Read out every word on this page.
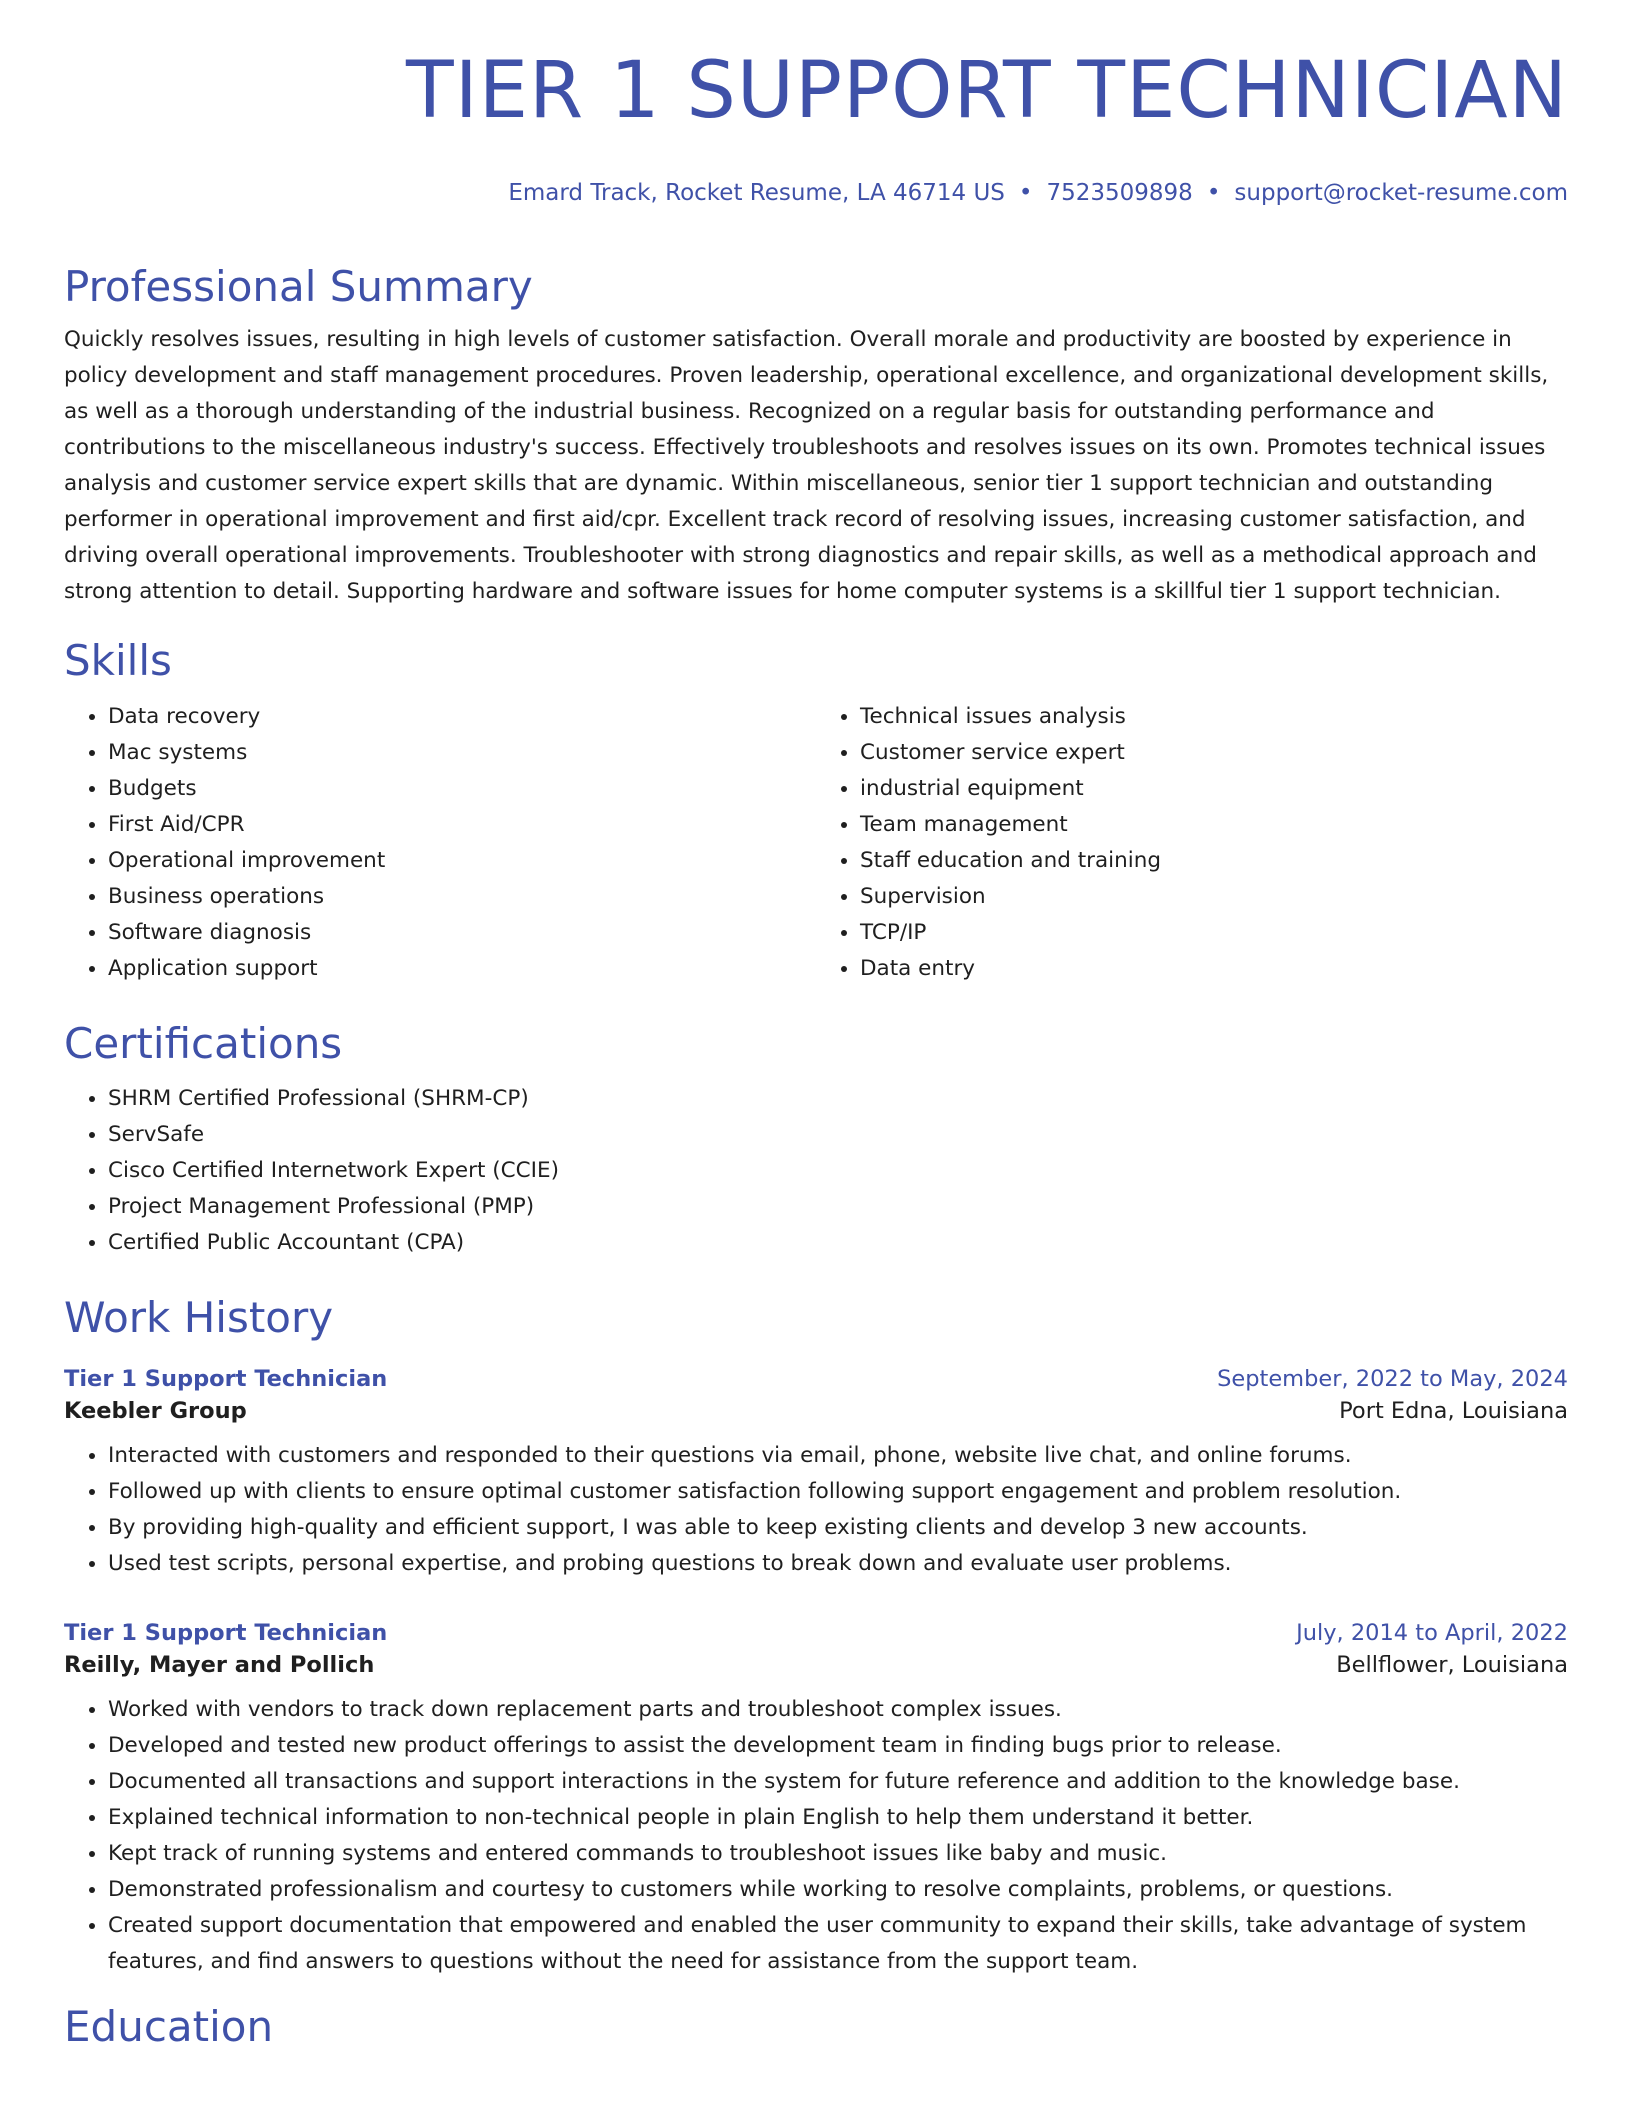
TIER 1 SUPPORT TECHNICIAN
Emard Track, Rocket Resume, LA 46714 US • 7523509898 • support@rocket-resume.com
Professional Summary

Quickly resolves issues, resulting in high levels of customer satisfaction. Overall morale and productivity are boosted by experience in policy development and staff management procedures. Proven leadership, operational excellence, and organizational development skills, as well as a thorough understanding of the industrial business. Recognized on a regular basis for outstanding performance and contributions to the miscellaneous industry's success. Effectively troubleshoots and resolves issues on its own. Promotes technical issues analysis and customer service expert skills that are dynamic. Within miscellaneous, senior tier 1 support technician and outstanding performer in operational improvement and first aid/cpr. Excellent track record of resolving issues, increasing customer satisfaction, and driving overall operational improvements. Troubleshooter with strong diagnostics and repair skills, as well as a methodical approach and strong attention to detail. Supporting hardware and software issues for home computer systems is a skillful tier 1 support technician.

Skills
• Data recovery
• Mac systems
• Budgets
• First Aid/CPR
• Operational improvement
• Business operations
• Software diagnosis
• Application support
• Technical issues analysis
• Customer service expert
• industrial equipment
• Team management
• Staff education and training
• Supervision
• TCP/IP
• Data entry
Certifications
• SHRM Certified Professional (SHRM-CP)
• ServSafe
• Cisco Certified Internetwork Expert (CCIE)
• Project Management Professional (PMP)
• Certified Public Accountant (CPA)
Work History
Tier 1 Support Technician	September, 2022 to May, 2024
Keebler Group	Port Edna, Louisiana
• Interacted with customers and responded to their questions via email, phone, website live chat, and online forums.
• Followed up with clients to ensure optimal customer satisfaction following support engagement and problem resolution.
• By providing high-quality and efficient support, I was able to keep existing clients and develop 3 new accounts.
• Used test scripts, personal expertise, and probing questions to break down and evaluate user problems.
Tier 1 Support Technician	July, 2014 to April, 2022
Reilly, Mayer and Pollich	Bellflower, Louisiana
• Worked with vendors to track down replacement parts and troubleshoot complex issues.
• Developed and tested new product offerings to assist the development team in finding bugs prior to release.
• Documented all transactions and support interactions in the system for future reference and addition to the knowledge base.
• Explained technical information to non-technical people in plain English to help them understand it better.
• Kept track of running systems and entered commands to troubleshoot issues like baby and music.
• Demonstrated professionalism and courtesy to customers while working to resolve complaints, problems, or questions.
• Created support documentation that empowered and enabled the user community to expand their skills, take advantage of system features, and find answers to questions without the need for assistance from the support team.
Education
